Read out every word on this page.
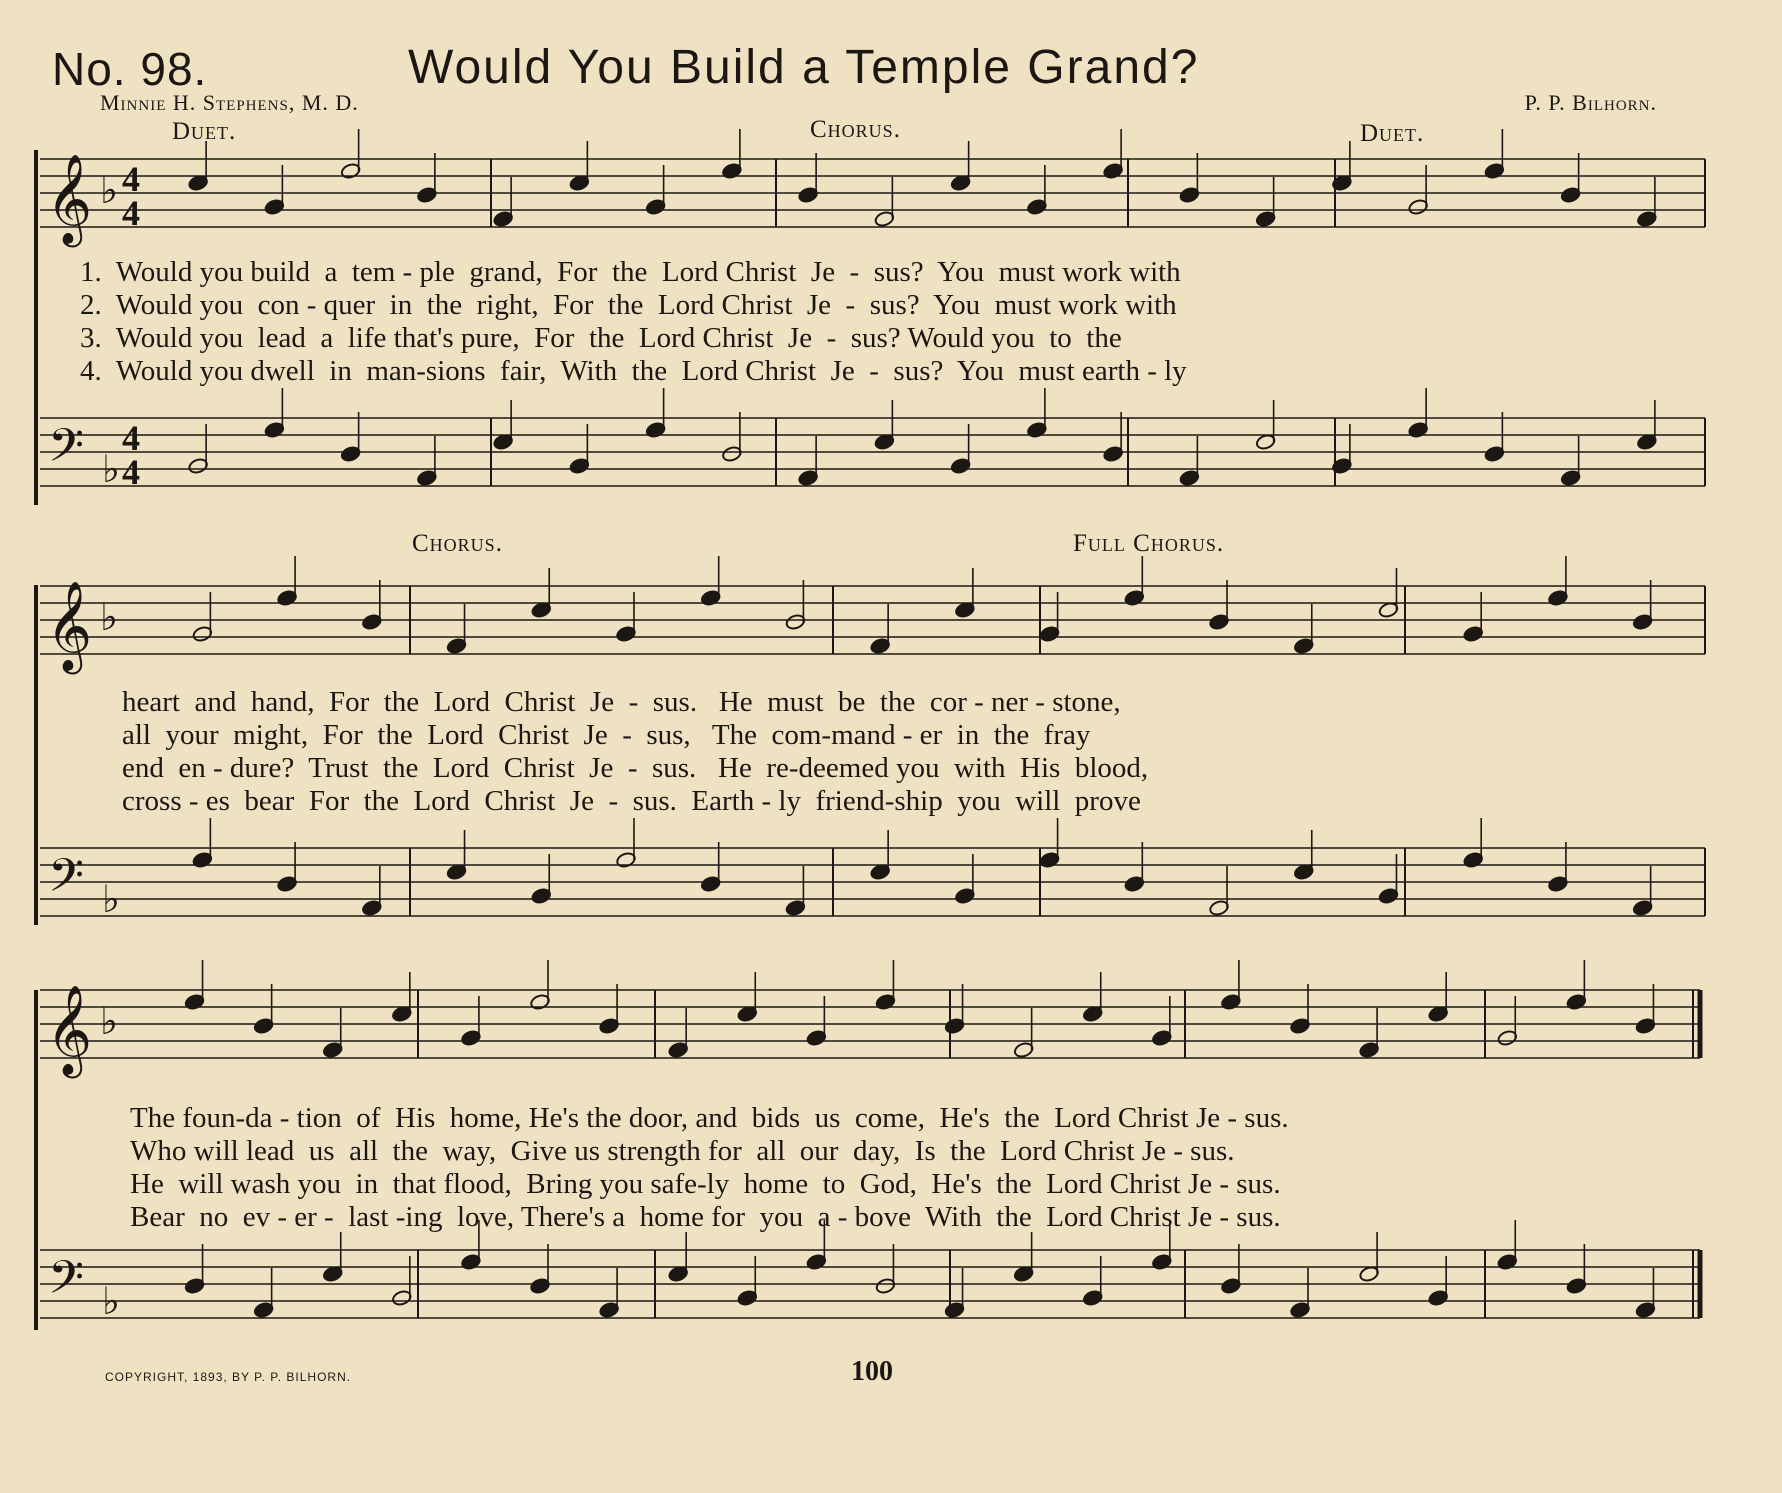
No. 98.	Would You Build a Temple Grand?
Minnie H. Stephens, M. D.	P. P. Bilhorn.
Duet.	Chorus.	Duet.
Chorus.	Full Chorus.
𝄞
𝄢
♭
♭
4
4
4
4
𝄞
𝄢
♭
♭
𝄞
𝄢
♭
♭
1.  Would you build  a  tem - ple  grand,  For  the  Lord Christ  Je  -  sus?  You  must work with
2.  Would you  con - quer  in  the  right,  For  the  Lord Christ  Je  -  sus?  You  must work with
3.  Would you  lead  a  life that's pure,  For  the  Lord Christ  Je  -  sus? Would you  to  the
4.  Would you dwell  in  man-sions  fair,  With  the  Lord Christ  Je  -  sus?  You  must earth - ly
heart  and  hand,  For  the  Lord  Christ  Je  -  sus.   He  must  be  the  cor - ner - stone,
all  your  might,  For  the  Lord  Christ  Je  -  sus,   The  com-mand - er  in  the  fray
end  en - dure?  Trust  the  Lord  Christ  Je  -  sus.   He  re-deemed you  with  His  blood,
cross - es  bear  For  the  Lord  Christ  Je  -  sus.  Earth - ly  friend-ship  you  will  prove
The foun-da - tion  of  His  home, He's the door, and  bids  us  come,  He's  the  Lord Christ Je - sus.
Who will lead  us  all  the  way,  Give us strength for  all  our  day,  Is  the  Lord Christ Je - sus.
He  will wash you  in  that flood,  Bring you safe-ly  home  to  God,  He's  the  Lord Christ Je - sus.
Bear  no  ev - er -  last -ing  love, There's a  home for  you  a - bove  With  the  Lord Christ Je - sus.
COPYRIGHT, 1893, BY P. P. BILHORN.	100
